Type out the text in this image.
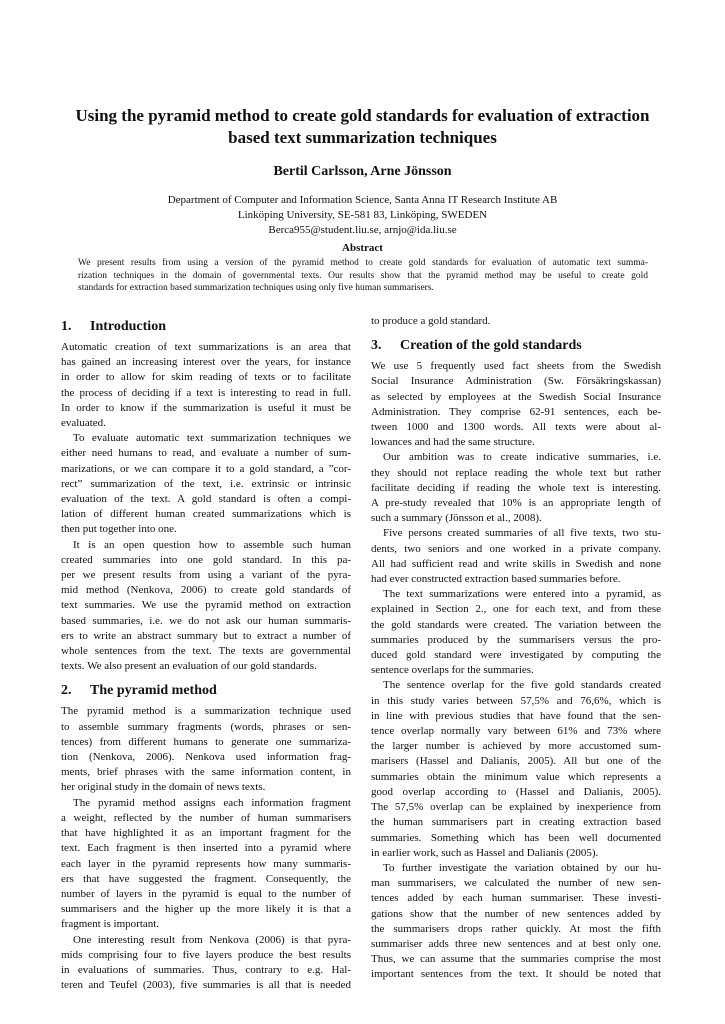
Using the pyramid method to create gold standards for evaluation of extraction
based text summarization techniques
Bertil Carlsson, Arne Jönsson
Department of Computer and Information Science, Santa Anna IT Research Institute AB
Linköping University, SE-581 83, Linköping, SWEDEN
Berca955@student.liu.se, arnjo@ida.liu.se
Abstract
We present results from using a version of the pyramid method to create gold standards for evaluation of automatic text summa-
rization techniques in the domain of governmental texts. Our results show that the pyramid method may be useful to create gold
standards for extraction based summarization techniques using only five human summarisers.
1.	Introduction
Automatic creation of text summarizations is an area that
has gained an increasing interest over the years, for instance
in order to allow for skim reading of texts or to facilitate
the process of deciding if a text is interesting to read in full.
In order to know if the summarization is useful it must be
evaluated.
To evaluate automatic text summarization techniques we
either need humans to read, and evaluate a number of sum-
marizations, or we can compare it to a gold standard, a ”cor-
rect” summarization of the text, i.e. extrinsic or intrinsic
evaluation of the text. A gold standard is often a compi-
lation of different human created summarizations which is
then put together into one.
It is an open question how to assemble such human
created summaries into one gold standard. In this pa-
per we present results from using a variant of the pyra-
mid method (Nenkova, 2006) to create gold standards of
text summaries. We use the pyramid method on extraction
based summaries, i.e. we do not ask our human summaris-
ers to write an abstract summary but to extract a number of
whole sentences from the text. The texts are governmental
texts. We also present an evaluation of our gold standards.
2.	The pyramid method
The pyramid method is a summarization technique used
to assemble summary fragments (words, phrases or sen-
tences) from different humans to generate one summariza-
tion (Nenkova, 2006). Nenkova used information frag-
ments, brief phrases with the same information content, in
her original study in the domain of news texts.
The pyramid method assigns each information fragment
a weight, reflected by the number of human summarisers
that have highlighted it as an important fragment for the
text. Each fragment is then inserted into a pyramid where
each layer in the pyramid represents how many summaris-
ers that have suggested the fragment. Consequently, the
number of layers in the pyramid is equal to the number of
summarisers and the higher up the more likely it is that a
fragment is important.
One interesting result from Nenkova (2006) is that pyra-
mids comprising four to five layers produce the best results
in evaluations of summaries. Thus, contrary to e.g. Hal-
teren and Teufel (2003), five summaries is all that is needed
to produce a gold standard.
3.	Creation of the gold standards
We use 5 frequently used fact sheets from the Swedish
Social Insurance Administration (Sw. Försäkringskassan)
as selected by employees at the Swedish Social Insurance
Administration. They comprise 62-91 sentences, each be-
tween 1000 and 1300 words. All texts were about al-
lowances and had the same structure.
Our ambition was to create indicative summaries, i.e.
they should not replace reading the whole text but rather
facilitate deciding if reading the whole text is interesting.
A pre-study revealed that 10% is an appropriate length of
such a summary (Jönsson et al., 2008).
Five persons created summaries of all five texts, two stu-
dents, two seniors and one worked in a private company.
All had sufficient read and write skills in Swedish and none
had ever constructed extraction based summaries before.
The text summarizations were entered into a pyramid, as
explained in Section 2., one for each text, and from these
the gold standards were created. The variation between the
summaries produced by the summarisers versus the pro-
duced gold standard were investigated by computing the
sentence overlaps for the summaries.
The sentence overlap for the five gold standards created
in this study varies between 57,5% and 76,6%, which is
in line with previous studies that have found that the sen-
tence overlap normally vary between 61% and 73% where
the larger number is achieved by more accustomed sum-
marisers (Hassel and Dalianis, 2005). All but one of the
summaries obtain the minimum value which represents a
good overlap according to (Hassel and Dalianis, 2005).
The 57,5% overlap can be explained by inexperience from
the human summarisers part in creating extraction based
summaries. Something which has been well documented
in earlier work, such as Hassel and Dalianis (2005).
To further investigate the variation obtained by our hu-
man summarisers, we calculated the number of new sen-
tences added by each human summariser. These investi-
gations show that the number of new sentences added by
the summarisers drops rather quickly. At most the fifth
summariser adds three new sentences and at best only one.
Thus, we can assume that the summaries comprise the most
important sentences from the text. It should be noted that
